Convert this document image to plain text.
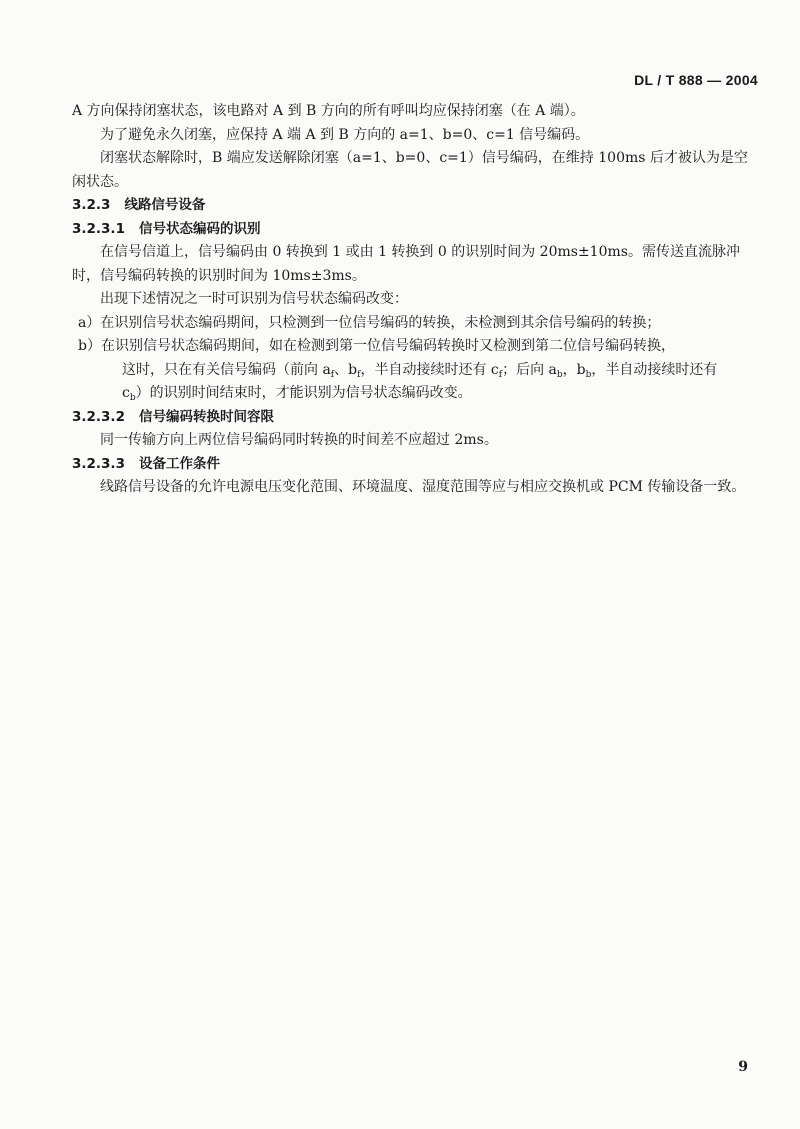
DL / T 888 — 2004

A 方向保持闭塞状态，该电路对 A 到 B 方向的所有呼叫均应保持闭塞（在 A 端）。

为了避免永久闭塞，应保持 A 端 A 到 B 方向的 a=1、b=0、c=1 信号编码。

闭塞状态解除时，B 端应发送解除闭塞（a=1、b=0、c=1）信号编码，在维持 100ms 后才被认为是空闲状态。

3.2.3 线路信号设备

3.2.3.1 信号状态编码的识别

在信号信道上，信号编码由 0 转换到 1 或由 1 转换到 0 的识别时间为 20ms±10ms。需传送直流脉冲时，信号编码转换的识别时间为 10ms±3ms。

出现下述情况之一时可识别为信号状态编码改变：

a）在识别信号状态编码期间，只检测到一位信号编码的转换，未检测到其余信号编码的转换；

b）在识别信号状态编码期间，如在检测到第一位信号编码转换时又检测到第二位信号编码转换，

这时，只在有关信号编码（前向 $a_f$、$b_f$，半自动接续时还有 $c_f$；后向 $a_b$，$b_b$，半自动接续时还有
$c_b$）的识别时间结束时，才能识别为信号状态编码改变。

3.2.3.2 信号编码转换时间容限

同一传输方向上两位信号编码同时转换的时间差不应超过 2ms。

3.2.3.3 设备工作条件

线路信号设备的允许电源电压变化范围、环境温度、湿度范围等应与相应交换机或 PCM 传输设备一致。

9
